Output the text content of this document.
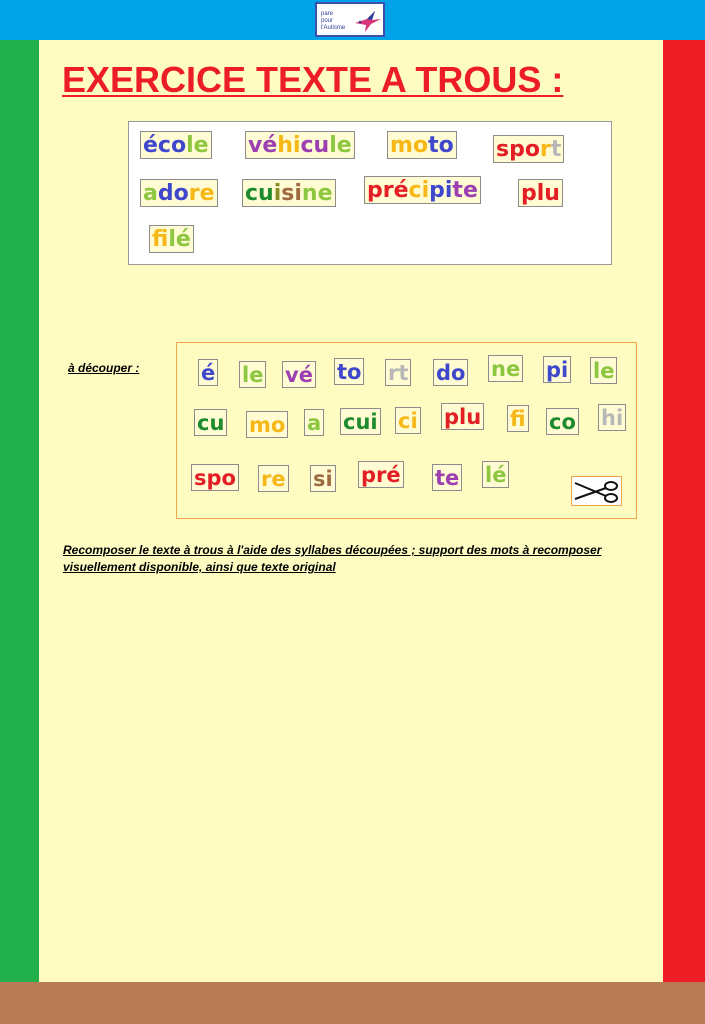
pare
pour
l'Autisme
EXERCICE TEXTE A TROUS :
école véhicule moto sport
adore cuisine précipite plu
flé
à découper :	é le vé to rt do ne pi le
cu mo a cui ci plu fi co hi
spo re si pré te lé
Recomposer le texte à trous à l'aide des syllabes découpées ; support des mots à recomposer visuellement disponible, ainsi que texte original
